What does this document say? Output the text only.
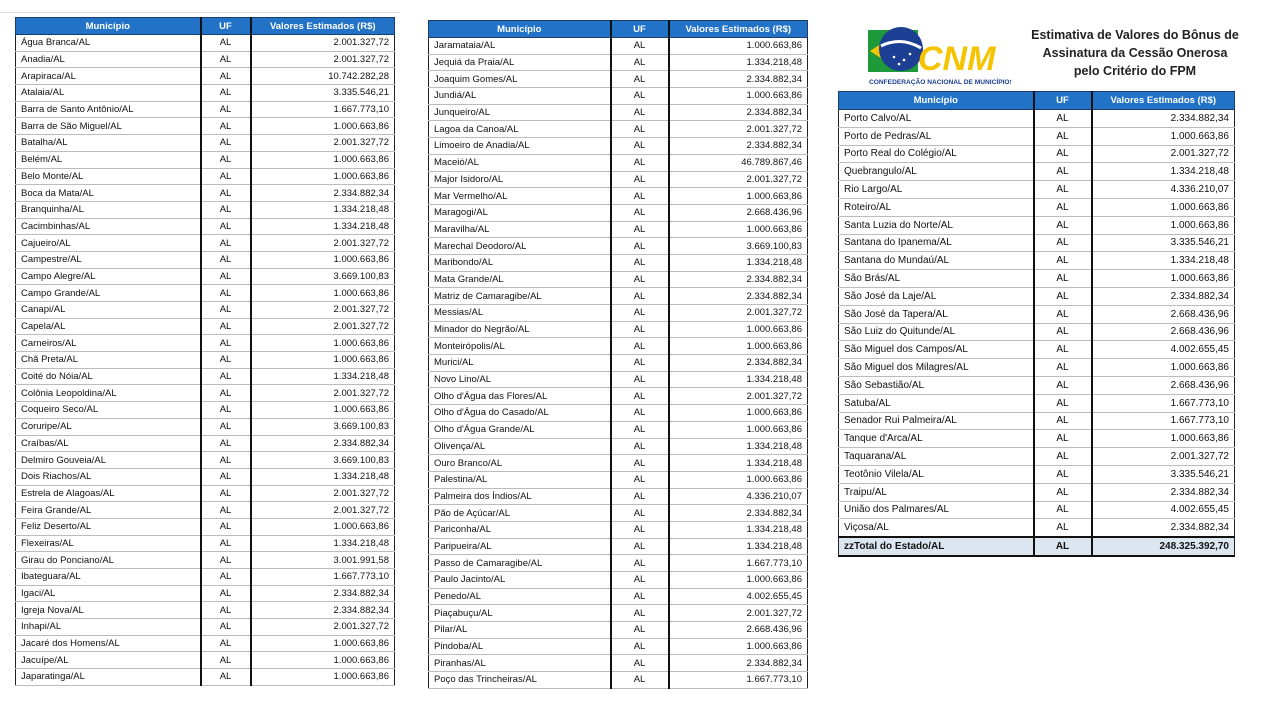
Município	UF	Valores Estimados (R$)
Água Branca/AL	AL	2.001.327,72
Anadia/AL	AL	2.001.327,72
Arapiraca/AL	AL	10.742.282,28
Atalaia/AL	AL	3.335.546,21
Barra de Santo Antônio/AL	AL	1.667.773,10
Barra de São Miguel/AL	AL	1.000.663,86
Batalha/AL	AL	2.001.327,72
Belém/AL	AL	1.000.663,86
Belo Monte/AL	AL	1.000.663,86
Boca da Mata/AL	AL	2.334.882,34
Branquinha/AL	AL	1.334.218,48
Cacimbinhas/AL	AL	1.334.218,48
Cajueiro/AL	AL	2.001.327,72
Campestre/AL	AL	1.000.663,86
Campo Alegre/AL	AL	3.669.100,83
Campo Grande/AL	AL	1.000.663,86
Canapi/AL	AL	2.001.327,72
Capela/AL	AL	2.001.327,72
Carneiros/AL	AL	1.000.663,86
Chã Preta/AL	AL	1.000.663,86
Coité do Nóia/AL	AL	1.334.218,48
Colônia Leopoldina/AL	AL	2.001.327,72
Coqueiro Seco/AL	AL	1.000.663,86
Coruripe/AL	AL	3.669.100,83
Craíbas/AL	AL	2.334.882,34
Delmiro Gouveia/AL	AL	3.669.100,83
Dois Riachos/AL	AL	1.334.218,48
Estrela de Alagoas/AL	AL	2.001.327,72
Feira Grande/AL	AL	2.001.327,72
Feliz Deserto/AL	AL	1.000.663,86
Flexeiras/AL	AL	1.334.218,48
Girau do Ponciano/AL	AL	3.001.991,58
Ibateguara/AL	AL	1.667.773,10
Igaci/AL	AL	2.334.882,34
Igreja Nova/AL	AL	2.334.882,34
Inhapi/AL	AL	2.001.327,72
Jacaré dos Homens/AL	AL	1.000.663,86
Jacuípe/AL	AL	1.000.663,86
Japaratinga/AL	AL	1.000.663,86
Município	UF	Valores Estimados (R$)
Jaramataia/AL	AL	1.000.663,86
Jequiá da Praia/AL	AL	1.334.218,48
Joaquim Gomes/AL	AL	2.334.882,34
Jundiá/AL	AL	1.000.663,86
Junqueiro/AL	AL	2.334.882,34
Lagoa da Canoa/AL	AL	2.001.327,72
Limoeiro de Anadia/AL	AL	2.334.882,34
Maceió/AL	AL	46.789.867,46
Major Isidoro/AL	AL	2.001.327,72
Mar Vermelho/AL	AL	1.000.663,86
Maragogi/AL	AL	2.668.436,96
Maravilha/AL	AL	1.000.663,86
Marechal Deodoro/AL	AL	3.669.100,83
Maribondo/AL	AL	1.334.218,48
Mata Grande/AL	AL	2.334.882,34
Matriz de Camaragibe/AL	AL	2.334.882,34
Messias/AL	AL	2.001.327,72
Minador do Negrão/AL	AL	1.000.663,86
Monteirópolis/AL	AL	1.000.663,86
Murici/AL	AL	2.334.882,34
Novo Lino/AL	AL	1.334.218,48
Olho d'Água das Flores/AL	AL	2.001.327,72
Olho d'Água do Casado/AL	AL	1.000.663,86
Olho d'Água Grande/AL	AL	1.000.663,86
Olivença/AL	AL	1.334.218,48
Ouro Branco/AL	AL	1.334.218,48
Palestina/AL	AL	1.000.663,86
Palmeira dos Índios/AL	AL	4.336.210,07
Pão de Açúcar/AL	AL	2.334.882,34
Pariconha/AL	AL	1.334.218,48
Paripueira/AL	AL	1.334.218,48
Passo de Camaragibe/AL	AL	1.667.773,10
Paulo Jacinto/AL	AL	1.000.663,86
Penedo/AL	AL	4.002.655,45
Piaçabuçu/AL	AL	2.001.327,72
Pilar/AL	AL	2.668.436,96
Pindoba/AL	AL	1.000.663,86
Piranhas/AL	AL	2.334.882,34
Poço das Trincheiras/AL	AL	1.667.773,10
CNM
CONFEDERAÇÃO NACIONAL DE MUNICÍPIOS
Estimativa de Valores do Bônus de Assinatura da Cessão Onerosa pelo Critério do FPM
Município	UF	Valores Estimados (R$)
Porto Calvo/AL	AL	2.334.882,34
Porto de Pedras/AL	AL	1.000.663,86
Porto Real do Colégio/AL	AL	2.001.327,72
Quebrangulo/AL	AL	1.334.218,48
Rio Largo/AL	AL	4.336.210,07
Roteiro/AL	AL	1.000.663,86
Santa Luzia do Norte/AL	AL	1.000.663,86
Santana do Ipanema/AL	AL	3.335.546,21
Santana do Mundaú/AL	AL	1.334.218,48
São Brás/AL	AL	1.000.663,86
São José da Laje/AL	AL	2.334.882,34
São José da Tapera/AL	AL	2.668.436,96
São Luiz do Quitunde/AL	AL	2.668.436,96
São Miguel dos Campos/AL	AL	4.002.655,45
São Miguel dos Milagres/AL	AL	1.000.663,86
São Sebastião/AL	AL	2.668.436,96
Satuba/AL	AL	1.667.773,10
Senador Rui Palmeira/AL	AL	1.667.773,10
Tanque d'Arca/AL	AL	1.000.663,86
Taquarana/AL	AL	2.001.327,72
Teotônio Vilela/AL	AL	3.335.546,21
Traipu/AL	AL	2.334.882,34
União dos Palmares/AL	AL	4.002.655,45
Viçosa/AL	AL	2.334.882,34
zzTotal do Estado/AL	AL	248.325.392,70
